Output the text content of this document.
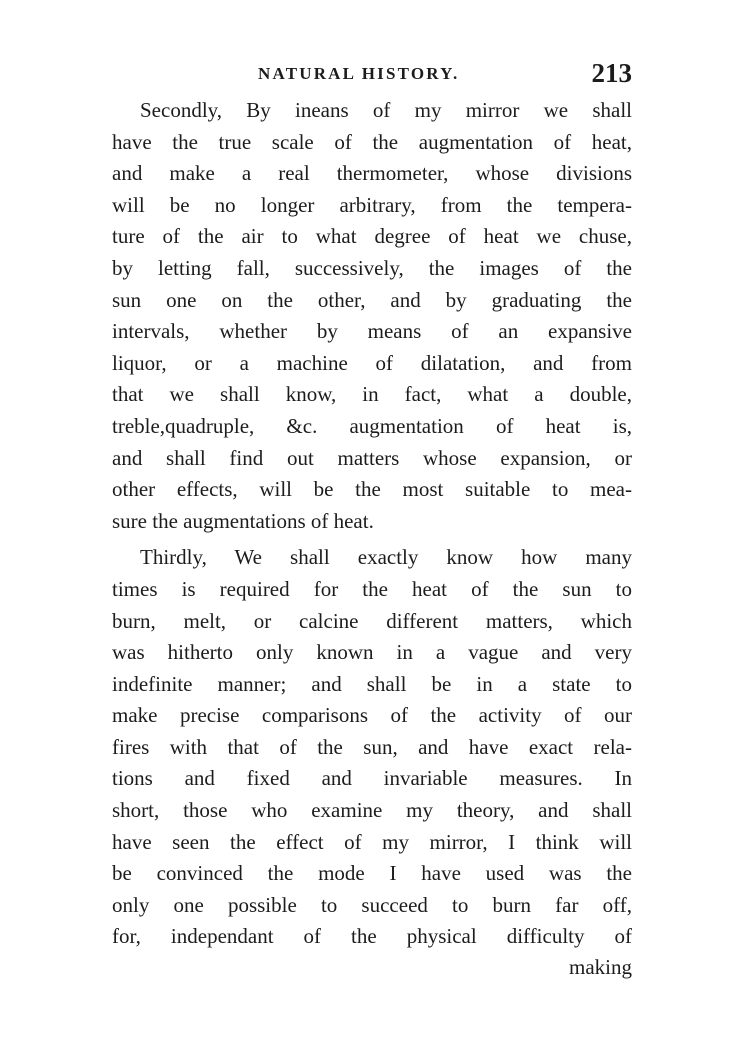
NATURAL HISTORY.	213
Secondly, By ineans of my mirror we shall
have the true scale of the augmentation of heat,
and make a real thermometer, whose divisions
will be no longer arbitrary, from the tempera-
ture of the air to what degree of heat we chuse,
by letting fall, successively, the images of the
sun one on the other, and by graduating the
intervals, whether by means of an expansive
liquor, or a machine of dilatation, and from
that we shall know, in fact, what a double,
treble,quadruple, &c. augmentation of heat is,
and shall find out matters whose expansion, or
other effects, will be the most suitable to mea-
sure the augmentations of heat.
Thirdly, We shall exactly know how many
times is required for the heat of the sun to
burn, melt, or calcine different matters, which
was hitherto only known in a vague and very
indefinite manner; and shall be in a state to
make precise comparisons of the activity of our
fires with that of the sun, and have exact rela-
tions and fixed and invariable measures. In
short, those who examine my theory, and shall
have seen the effect of my mirror, I think will
be convinced the mode I have used was the
only one possible to succeed to burn far off,
for, independant of the physical difficulty of
making
